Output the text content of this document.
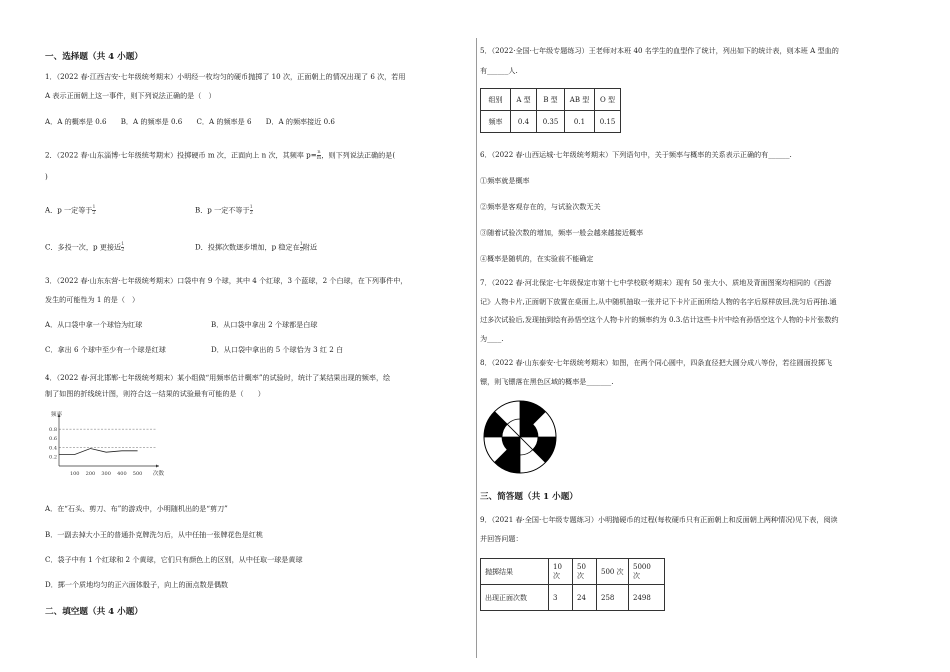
一、选择题（共 4 小题）
1．（2022 春·江西吉安·七年级统考期末）小明经一枚均匀的硬币抛掷了 10 次，正面朝上的情况出现了 6 次，若用
A 表示正面朝上这一事件，则下列说法正确的是（　）
A．A 的概率是 0.6　　B．A 的频率是 0.6　　C．A 的频率是 6　　D．A 的频率接近 0.6
2．（2022 春·山东淄博·七年级统考期末）投掷硬币 m 次，正面向上 n 次，其频率 $p= \frac{n}{m}$ ，则下列说法正确的是(
)
A．p 一定等于 $\frac{1}{2}$	B．p 一定不等于 $\frac{1}{2}$
C．多投一次，p 更接近 $\frac{1}{2}$	D．投掷次数逐步增加，p 稳定在 $\frac{1}{2}$ 附近
3．（2022 春·山东东营·七年级统考期末）口袋中有 9 个球，其中 4 个红球，3 个蓝球，2 个白球，在下列事件中，
发生的可能性为 1 的是（　）
A．从口袋中拿一个球恰为红球	B．从口袋中拿出 2 个球都是白球
C．拿出 6 个球中至少有一个球是红球	D．从口袋中拿出的 5 个球恰为 3 红 2 白
4．（2022 春·河北邯郸·七年级统考期末）某小组做“用频率估计概率”的试验时，统计了某结果出现的频率，绘
制了如图的折线统计图，则符合这一结果的试验最有可能的是（　　）
频率
次数
0.2
0.4
0.6
0.8
100 200 300 400 500
A．在“石头、剪刀、布”的游戏中，小明随机出的是“剪刀”
B．一副去掉大小王的普通扑克牌洗匀后，从中任抽一张牌花色是红桃
C．袋子中有 1 个红球和 2 个黄球，它们只有颜色上的区别，从中任取一球是黄球
D．掷一个质地均匀的正六面体骰子，向上的面点数是偶数
二、填空题（共 4 小题）
5．（2022·全国·七年级专题练习）王老师对本班 40 名学生的血型作了统计，列出如下的统计表，则本班 A 型血的
有______人.
组别	A 型	B 型	AB 型	O 型
频率	0.4	0.35	0.1	0.15
6．（2022 春·山西运城·七年级统考期末）下列语句中，关于频率与概率的关系表示正确的有______.
①频率就是概率
②频率是客观存在的，与试验次数无关
③随着试验次数的增加，频率一般会越来越接近概率
④概率是随机的，在实验前不能确定
7．（2022 春·河北保定·七年级保定市第十七中学校联考期末）现有 50 张大小、质地及背面图案均相同的《西游
记》人物卡片,正面朝下放置在桌面上,从中随机抽取一张并记下卡片正面所绘人物的名字后原样放回,洗匀后再抽.通
过多次试验后,发现抽到绘有孙悟空这个人物卡片的频率约为 0.3.估计这些卡片中绘有孙悟空这个人物的卡片张数约
为____.
8．（2022 春·山东泰安·七年级统考期末）如图，在两个同心圆中，四条直径把大圆分成八等份，若往圆面投掷飞
镖，则飞镖落在黑色区域的概率是_______.
三、简答题（共 1 小题）
9．（2021 春·全国·七年级专题练习）小明抛硬币的过程(每枚硬币只有正面朝上和反面朝上两种情况)见下表，阅读
并回答问题：
抛掷结果	10 次	50 次	500 次	5000 次
出现正面次数	3	24	258	2498
